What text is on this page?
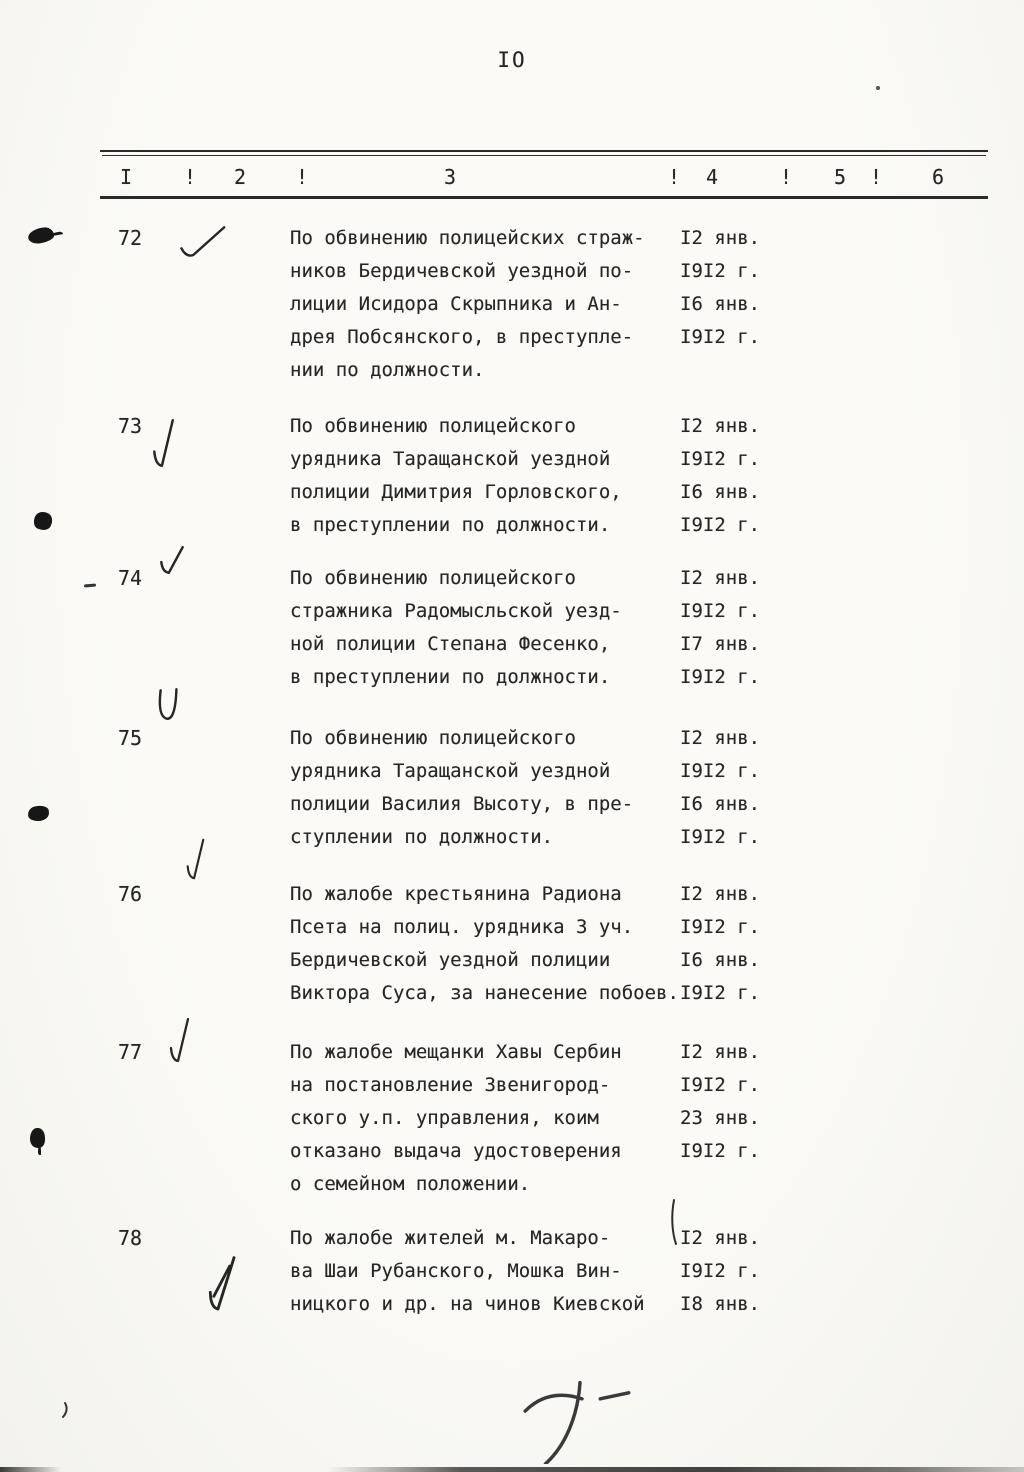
IO
I	! 2 !	3	! 4	! 5 ! 6
72	По обвинению полицейских страж-	I2 янв.
ников Бердичевской уездной по-	I9I2 г.
лиции Исидора Скрыпника и Ан-	I6 янв.
дрея Побсянского, в преступле-	I9I2 г.
нии по должности.
73	По обвинению полицейского	I2 янв.
урядника Таращанской уездной	I9I2 г.
полиции Димитрия Горловского,	I6 янв.
в преступлении по должности.	I9I2 г.
74	По обвинению полицейского	I2 янв.
стражника Радомысльской уезд-	I9I2 г.
ной полиции Степана Фесенко,	I7 янв.
в преступлении по должности.	I9I2 г.
75	По обвинению полицейского	I2 янв.
урядника Таращанской уездной	I9I2 г.
полиции Василия Высоту, в пре-	I6 янв.
ступлении по должности.	I9I2 г.
76	По жалобе крестьянина Радиона	I2 янв.
Псета на полиц. урядника 3 уч.	I9I2 г.
Бердичевской уездной полиции	I6 янв.
Виктора Суса, за нанесение побоев. I9I2 г.
77	По жалобе мещанки Хавы Сербин	I2 янв.
на постановление Звенигород-	I9I2 г.
ского у.п. управления, коим	23 янв.
отказано выдача удостоверения	I9I2 г.
о семейном положении.
78	По жалобе жителей м. Макаро-	I2 янв.
ва Шаи Рубанского, Мошка Вин-	I9I2 г.
ницкого и др. на чинов Киевской	I8 янв.
